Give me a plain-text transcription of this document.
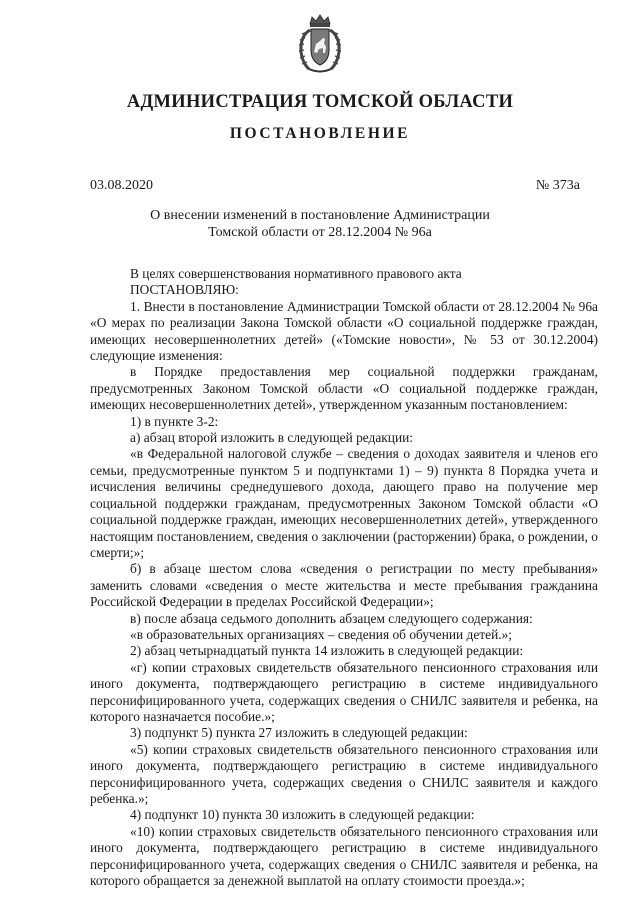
АДМИНИСТРАЦИЯ ТОМСКОЙ ОБЛАСТИ
ПОСТАНОВЛЕНИЕ
03.08.2020	№ 373а
О внесении изменений в постановление Администрации
Томской области от 28.12.2004 № 96а

В целях совершенствования нормативного правового акта

ПОСТАНОВЛЯЮ:

1. Внести в постановление Администрации Томской области от 28.12.2004 № 96а «О мерах по реализации Закона Томской области «О социальной поддержке граждан, имеющих несовершеннолетних детей» («Томские новости», № 53 от 30.12.2004) следующие изменения:

в Порядке предоставления мер социальной поддержки гражданам, предусмотренных Законом Томской области «О социальной поддержке граждан, имеющих несовершеннолетних детей», утвержденном указанным постановлением:

1) в пункте 3-2:

а) абзац второй изложить в следующей редакции:

«в Федеральной налоговой службе – сведения о доходах заявителя и членов его семьи, предусмотренные пунктом 5 и подпунктами 1) – 9) пункта 8 Порядка учета и исчисления величины среднедушевого дохода, дающего право на получение мер социальной поддержки гражданам, предусмотренных Законом Томской области «О социальной поддержке граждан, имеющих несовершеннолетних детей», утвержденного настоящим постановлением, сведения о заключении (расторжении) брака, о рождении, о смерти;»;

б) в абзаце шестом слова «сведения о регистрации по месту пребывания» заменить словами «сведения о месте жительства и месте пребывания гражданина Российской Федерации в пределах Российской Федерации»;

в) после абзаца седьмого дополнить абзацем следующего содержания:

«в образовательных организациях – сведения об обучении детей.»;

2) абзац четырнадцатый пункта 14 изложить в следующей редакции:

«г) копии страховых свидетельств обязательного пенсионного страхования или иного документа, подтверждающего регистрацию в системе индивидуального персонифицированного учета, содержащих сведения о СНИЛС заявителя и ребенка, на которого назначается пособие.»;

3) подпункт 5) пункта 27 изложить в следующей редакции:

«5) копии страховых свидетельств обязательного пенсионного страхования или иного документа, подтверждающего регистрацию в системе индивидуального персонифицированного учета, содержащих сведения о СНИЛС заявителя и каждого ребенка.»;

4) подпункт 10) пункта 30 изложить в следующей редакции:

«10) копии страховых свидетельств обязательного пенсионного страхования или иного документа, подтверждающего регистрацию в системе индивидуального персонифицированного учета, содержащих сведения о СНИЛС заявителя и ребенка, на которого обращается за денежной выплатой на оплату стоимости проезда.»;
